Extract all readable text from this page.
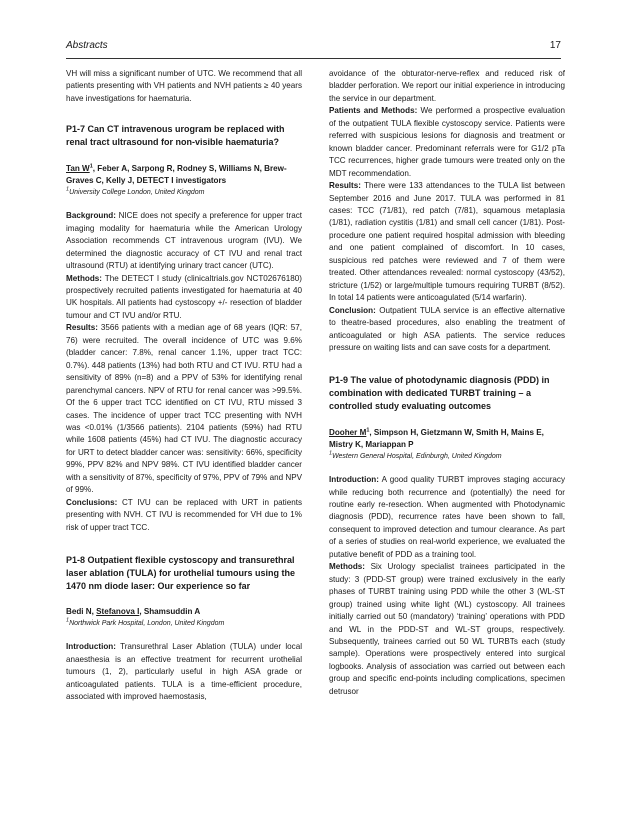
Abstracts	17

VH will miss a significant number of UTC. We recommend that all patients presenting with VH patients and NVH patients ≥ 40 years have investigations for haematuria.

P1-7 Can CT intravenous urogram be replaced with renal tract ultrasound for non-visible haematuria?
Tan $W^1$, Feber A, Sarpong R, Rodney S, Williams N, Brew-Graves C, Kelly J, DETECT I investigators
$^1$University College London, United Kingdom

Background: NICE does not specify a preference for upper tract imaging modality for haematuria while the American Urology Association recommends CT intravenous urogram (IVU). We determined the diagnostic accuracy of CT IVU and renal tract ultrasound (RTU) at identifying urinary tract cancer (UTC).

Methods: The DETECT I study (clinicaltrials.gov NCT02676180) prospectively recruited patients investigated for haematuria at 40 UK hospitals. All patients had cystoscopy +/- resection of bladder tumour and CT IVU and/or RTU.

Results: 3566 patients with a median age of 68 years (IQR: 57, 76) were recruited. The overall incidence of UTC was 9.6% (bladder cancer: 7.8%, renal cancer 1.1%, upper tract TCC: 0.7%). 448 patients (13%) had both RTU and CT IVU. RTU had a sensitivity of 89% (n=8) and a PPV of 53% for identifying renal parenchymal cancers. NPV of RTU for renal cancer was >99.5%. Of the 6 upper tract TCC identified on CT IVU, RTU missed 3 cases. The incidence of upper tract TCC presenting with NVH was <0.01% (1/3566 patients). 2104 patients (59%) had RTU while 1608 patients (45%) had CT IVU. The diagnostic accuracy for URT to detect bladder cancer was: sensitivity: 66%, specificity 99%, PPV 82% and NPV 98%. CT IVU identified bladder cancer with a sensitivity of 87%, specificity of 97%, PPV of 79% and NPV of 99%.

Conclusions: CT IVU can be replaced with URT in patients presenting with NVH. CT IVU is recommended for VH due to 1% risk of upper tract TCC.

P1-8 Outpatient flexible cystoscopy and transurethral laser ablation (TULA) for urothelial tumours using the 1470 nm diode laser: Our experience so far
Bedi N, Stefanova I, Shamsuddin A
$^1$Northwick Park Hospital, London, United Kingdom

Introduction: Transurethral Laser Ablation (TULA) under local anaesthesia is an effective treatment for recurrent urothelial tumours (1, 2), particularly useful in high ASA grade or anticoagulated patients. TULA is a time-efficient procedure, associated with improved haemostasis,

avoidance of the obturator-nerve-reflex and reduced risk of bladder perforation. We report our initial experience in introducing the service in our department.

Patients and Methods: We performed a prospective evaluation of the outpatient TULA flexible cystoscopy service. Patients were referred with suspicious lesions for diagnosis and treatment or known bladder cancer. Predominant referrals were for G1/2 pTa TCC recurrences, higher grade tumours were treated only on the MDT recommendation.

Results: There were 133 attendances to the TULA list between September 2016 and June 2017. TULA was performed in 81 cases: TCC (71/81), red patch (7/81), squamous metaplasia (1/81), radiation cystitis (1/81) and small cell cancer (1/81). Post-procedure one patient required hospital admission with bleeding and one patient complained of discomfort. In 10 cases, suspicious red patches were reviewed and 7 of them were treated. Other attendances revealed: normal cystoscopy (43/52), stricture (1/52) or large/multiple tumours requiring TURBT (8/52). In total 14 patients were anticoagulated (5/14 warfarin).

Conclusion: Outpatient TULA service is an effective alternative to theatre-based procedures, also enabling the treatment of anticoagulated or high ASA patients. The service reduces pressure on waiting lists and can save costs for a department.

P1-9 The value of photodynamic diagnosis (PDD) in combination with dedicated TURBT training – a controlled study evaluating outcomes
Dooher $M^1$, Simpson H, Gietzmann W, Smith H, Mains E, Mistry K, Mariappan P
$^1$Western General Hospital, Edinburgh, United Kingdom

Introduction: A good quality TURBT improves staging accuracy while reducing both recurrence and (potentially) the need for routine early re-resection. When augmented with Photodynamic diagnosis (PDD), recurrence rates have been shown to fall, consequent to improved detection and tumour clearance. As part of a series of studies on real-world experience, we evaluated the putative benefit of PDD as a training tool.

Methods: Six Urology specialist trainees participated in the study: 3 (PDD-ST group) were trained exclusively in the early phases of TURBT training using PDD while the other 3 (WL-ST group) trained using white light (WL) cystoscopy. All trainees initially carried out 50 (mandatory) ‘training’ operations with PDD and WL in the PDD-ST and WL-ST groups, respectively. Subsequently, trainees carried out 50 WL TURBTs each (study sample). Operations were prospectively entered into surgical logbooks. Analysis of association was carried out between each group and specific end-points including complications, specimen detrusor
